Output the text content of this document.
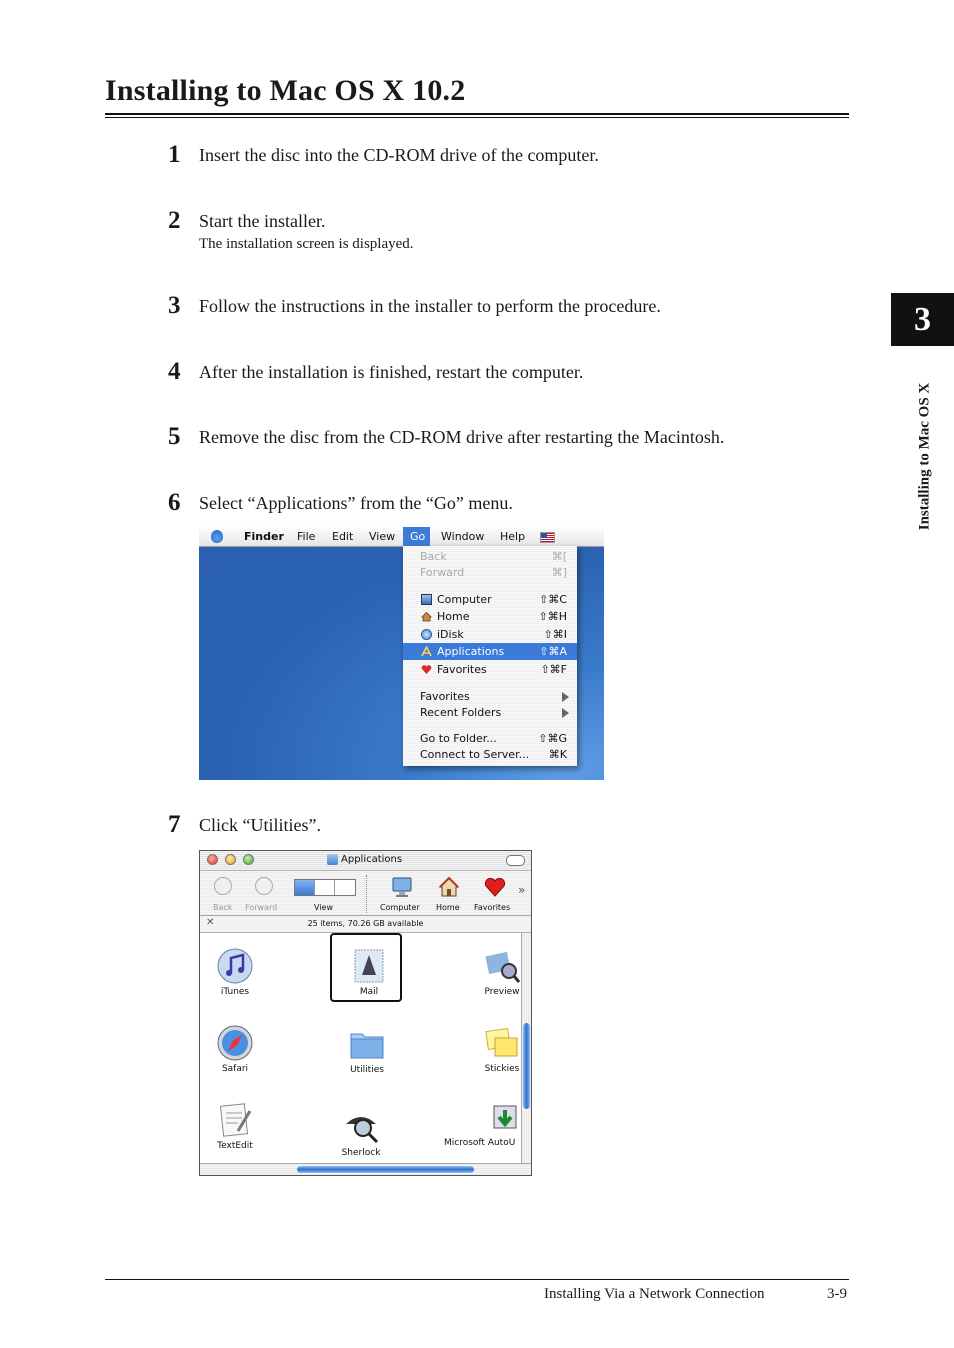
Installing to Mac OS X 10.2
3
Installing to Mac OS X
1 Insert the disc into the CD-ROM drive of the computer.
2 Start the installer.
The installation screen is displayed.
3 Follow the instructions in the installer to perform the procedure.
4 After the installation is finished, restart the computer.
5 Remove the disc from the CD-ROM drive after restarting the Macintosh.
6 Select “Applications” from the “Go” menu.
Finder File Edit View Go Window Help
Back	⌘[
Forward	⌘]
Computer	⇧⌘C
Home	⇧⌘H
iDisk	⇧⌘I
Applications	⇧⌘A
Favorites	⇧⌘F
Favorites
Recent Folders
Go to Folder...	⇧⌘G
Connect to Server... ⌘K
7 Click “Utilities”.
Applications
Back Forward	View	Computer Home Favorites
»
✕	25 items, 70.26 GB available
iTunes	Mail	Preview
Safari	Utilities	Stickies
TextEdit
Sherlock
Microsoft AutoU
Installing Via a Network Connection	3-9
